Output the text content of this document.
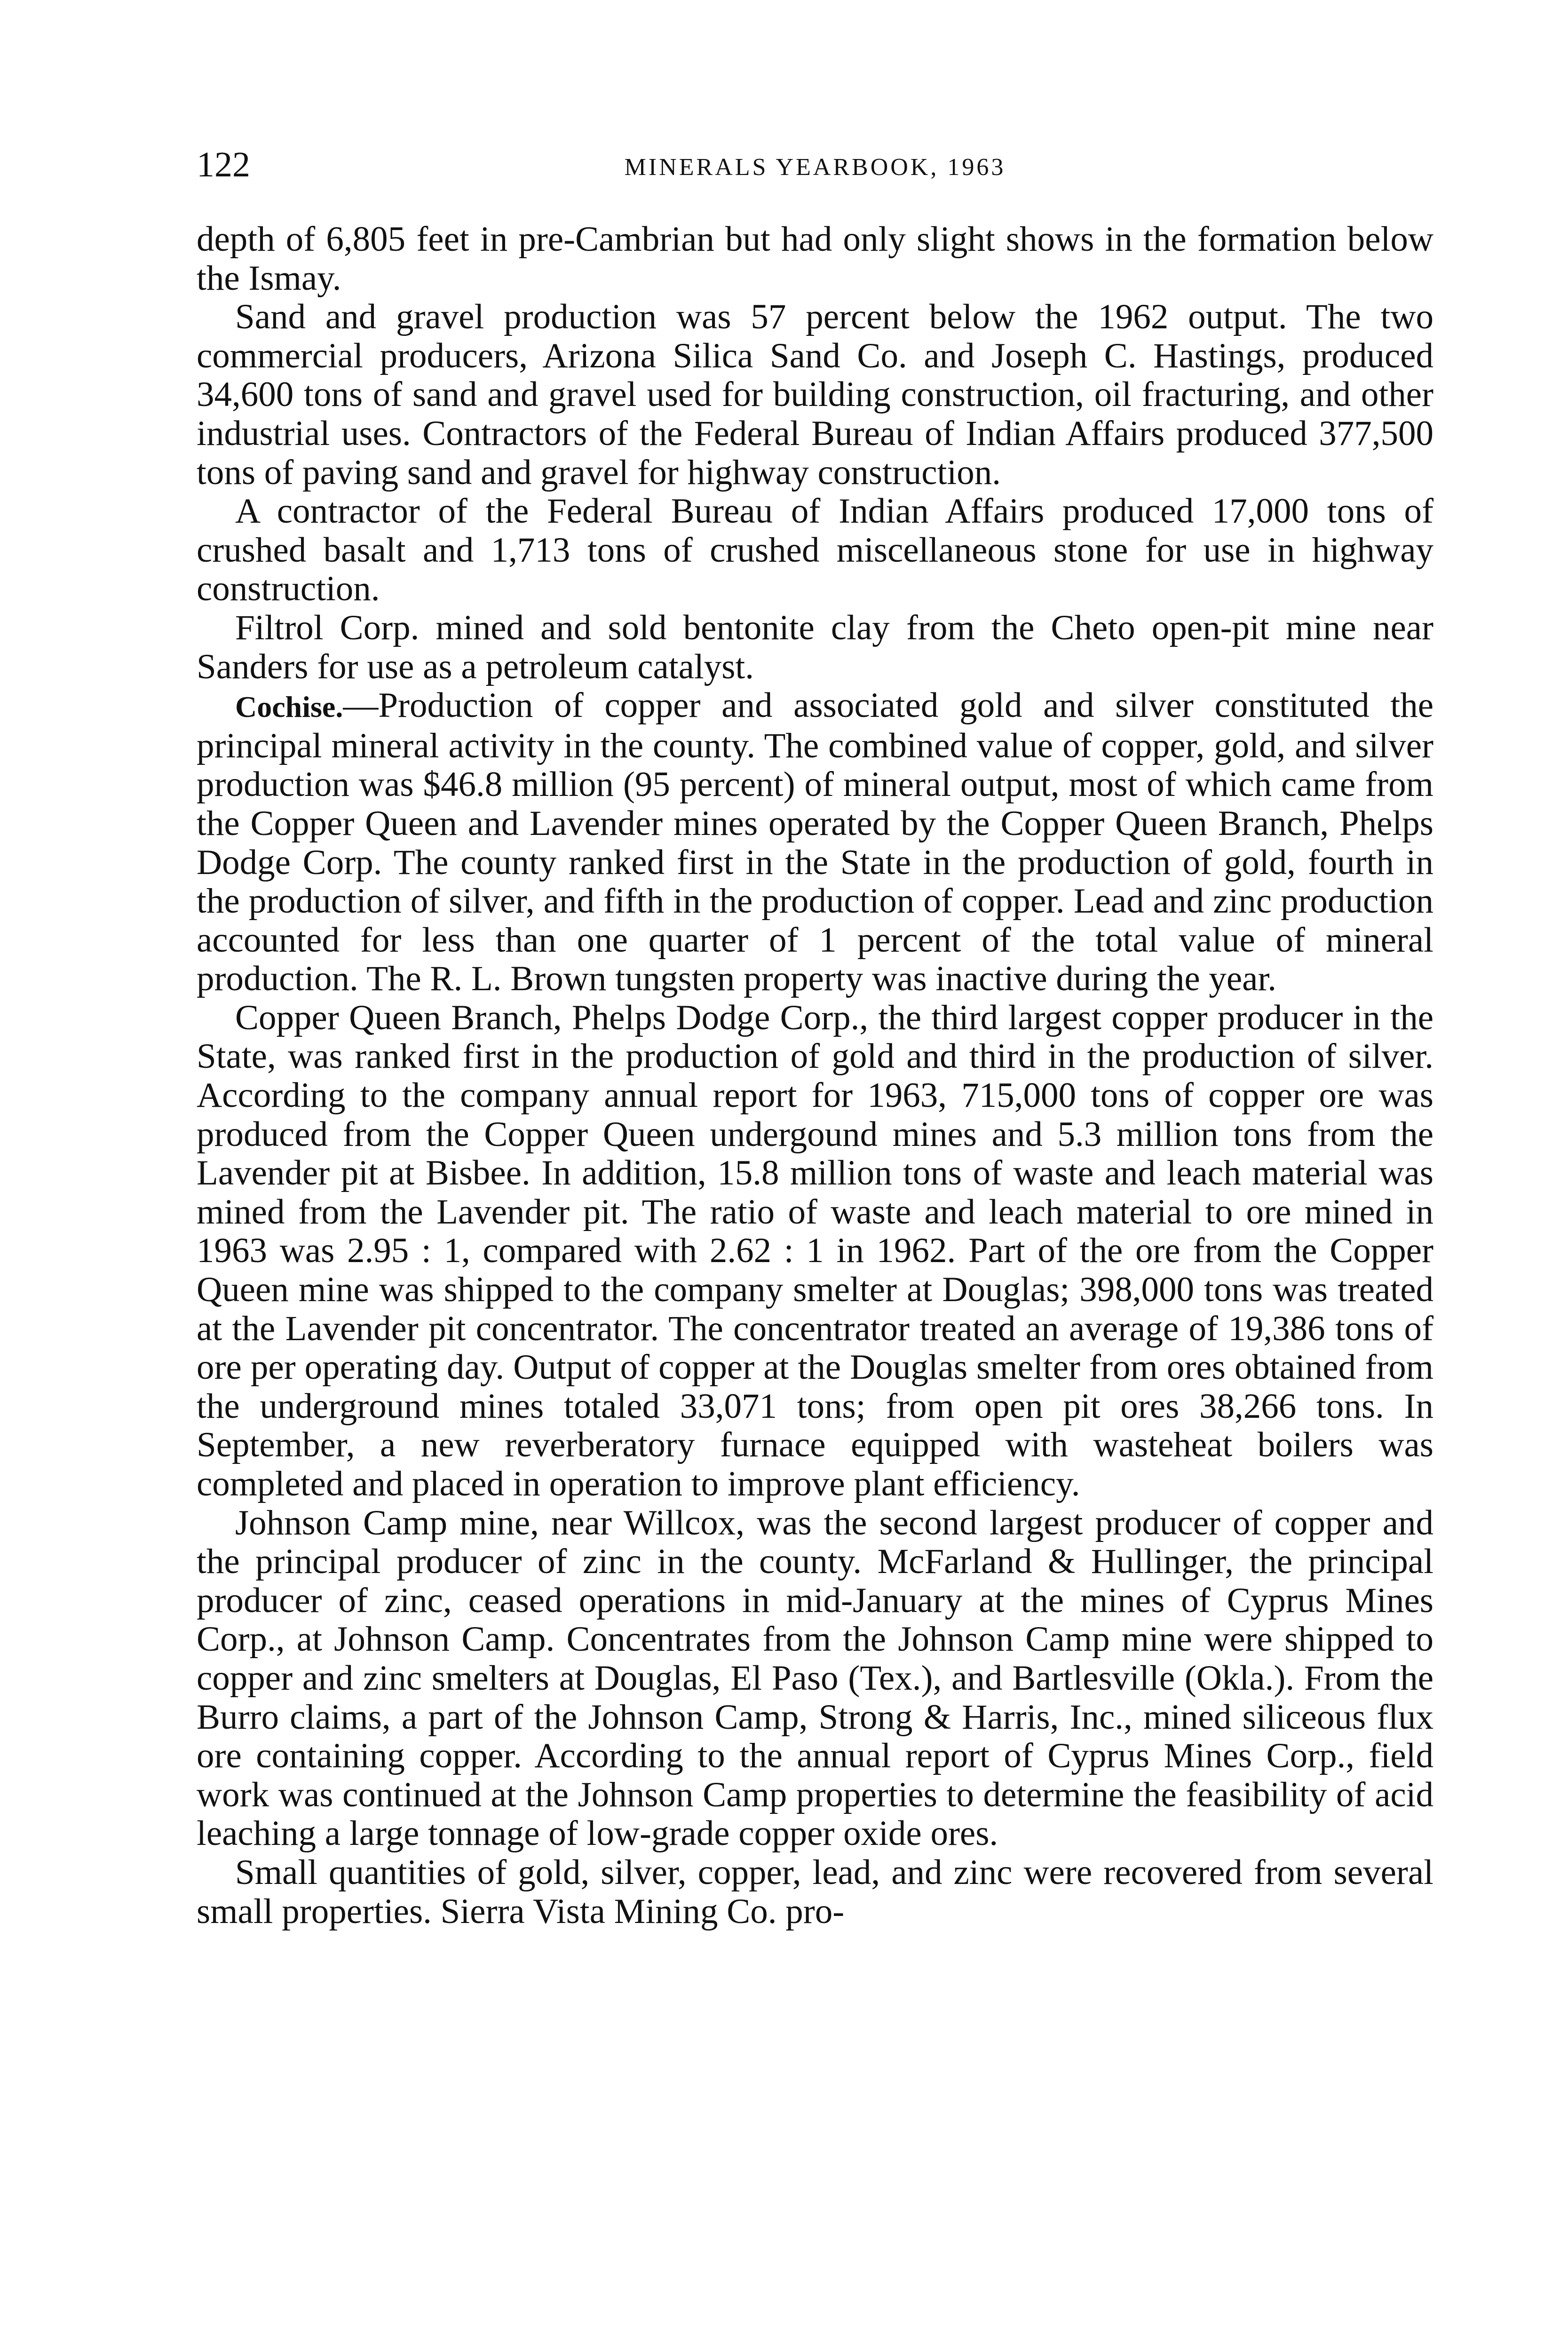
122	MINERALS YEARBOOK, 1963

depth of 6,805 feet in pre-Cambrian but had only slight shows in the formation below the Ismay.

Sand and gravel production was 57 percent below the 1962 output. The two commercial producers, Arizona Silica Sand Co. and Joseph C. Hastings, produced 34,600 tons of sand and gravel used for building construction, oil fracturing, and other industrial uses. Contractors of the Federal Bureau of Indian Affairs produced 377,500 tons of paving sand and gravel for highway construction.

A contractor of the Federal Bureau of Indian Affairs produced 17,000 tons of crushed basalt and 1,713 tons of crushed miscellaneous stone for use in highway construction.

Filtrol Corp. mined and sold bentonite clay from the Cheto open-pit mine near Sanders for use as a petroleum catalyst.

Cochise.—Production of copper and associated gold and silver constituted the principal mineral activity in the county. The combined value of copper, gold, and silver production was $46.8 million (95 percent) of mineral output, most of which came from the Copper Queen and Lavender mines operated by the Copper Queen Branch, Phelps Dodge Corp. The county ranked first in the State in the production of gold, fourth in the production of silver, and fifth in the production of copper. Lead and zinc production accounted for less than one quarter of 1 percent of the total value of mineral production. The R. L. Brown tungsten property was inactive during the year.

Copper Queen Branch, Phelps Dodge Corp., the third largest copper producer in the State, was ranked first in the production of gold and third in the production of silver. According to the company annual report for 1963, 715,000 tons of copper ore was produced from the Copper Queen undergound mines and 5.3 million tons from the Lavender pit at Bisbee. In addition, 15.8 million tons of waste and leach material was mined from the Lavender pit. The ratio of waste and leach material to ore mined in 1963 was 2.95 : 1, compared with 2.62 : 1 in 1962. Part of the ore from the Copper Queen mine was shipped to the company smelter at Douglas; 398,000 tons was treated at the Lavender pit concentrator. The concentrator treated an average of 19,386 tons of ore per operating day. Output of copper at the Douglas smelter from ores obtained from the underground mines totaled 33,071 tons; from open pit ores 38,266 tons. In September, a new reverberatory furnace equipped with wasteheat boilers was completed and placed in operation to improve plant efficiency.

Johnson Camp mine, near Willcox, was the second largest producer of copper and the principal producer of zinc in the county. McFarland & Hullinger, the principal producer of zinc, ceased operations in mid-January at the mines of Cyprus Mines Corp., at Johnson Camp. Concentrates from the Johnson Camp mine were shipped to copper and zinc smelters at Douglas, El Paso (Tex.), and Bartlesville (Okla.). From the Burro claims, a part of the Johnson Camp, Strong & Harris, Inc., mined siliceous flux ore containing copper. According to the annual report of Cyprus Mines Corp., field work was continued at the Johnson Camp properties to determine the feasibility of acid leaching a large tonnage of low-grade copper oxide ores.

Small quantities of gold, silver, copper, lead, and zinc were recovered from several small properties. Sierra Vista Mining Co. pro-
